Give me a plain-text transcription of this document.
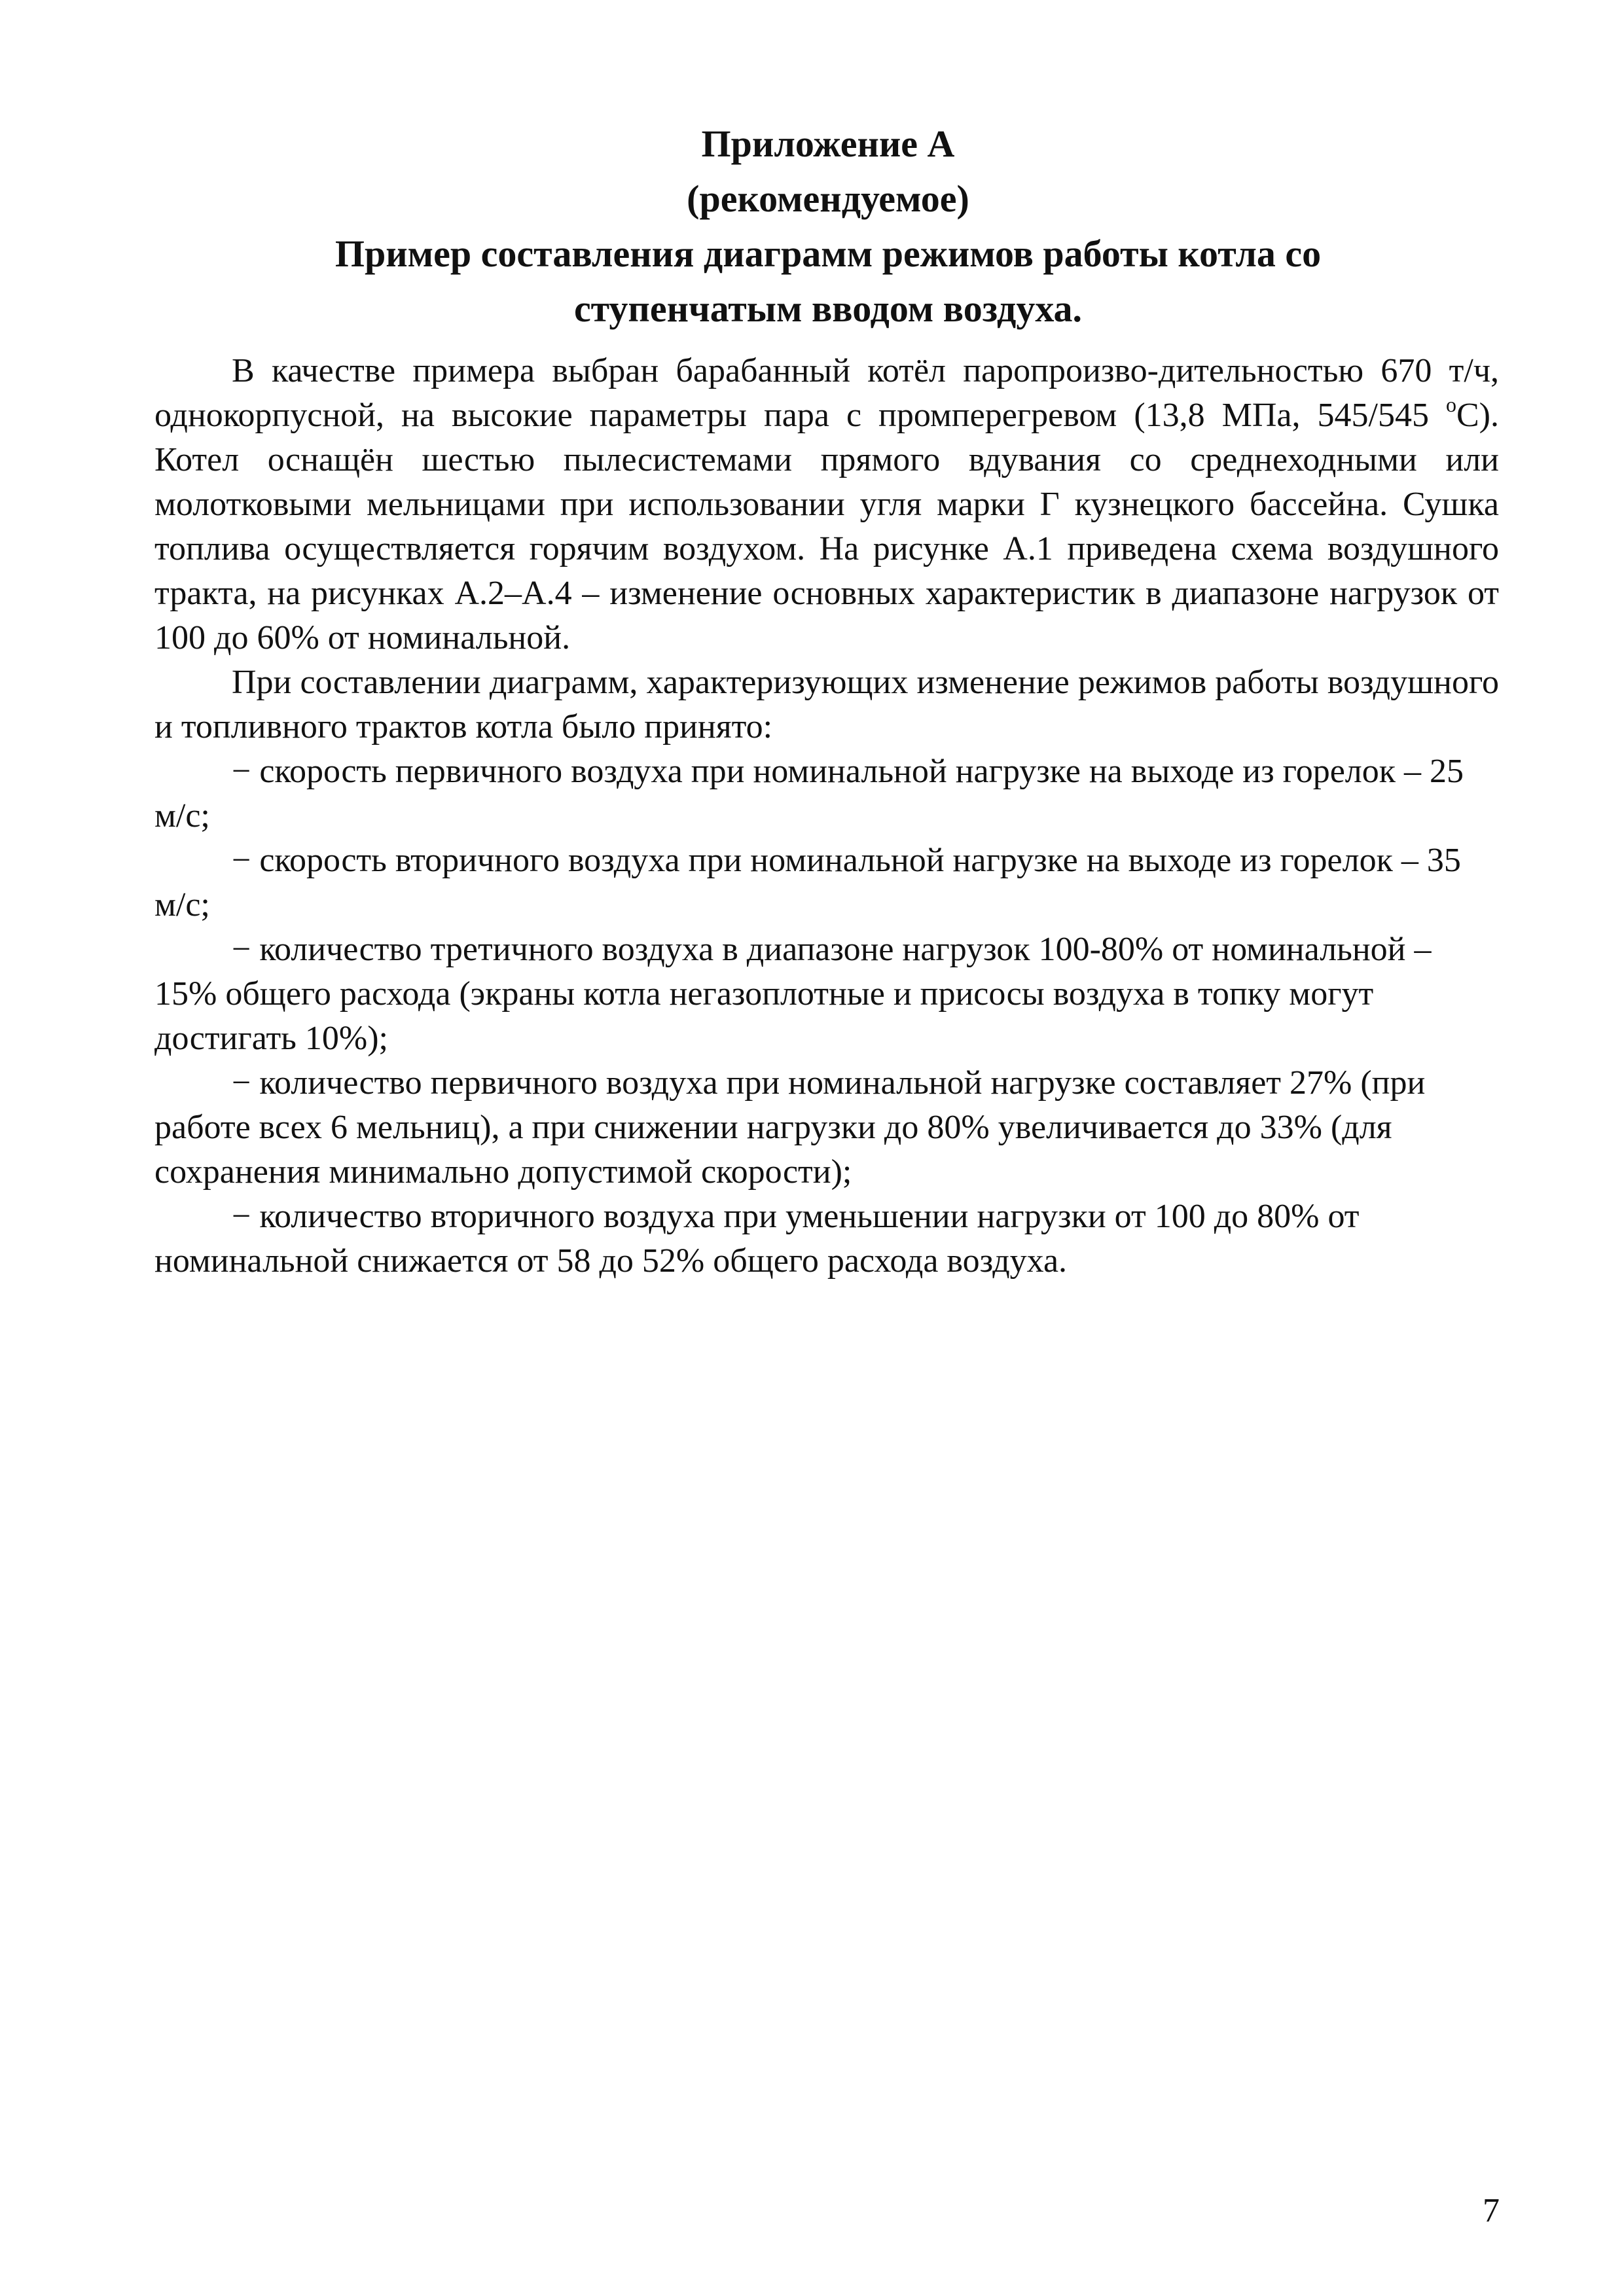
Приложение А
(рекомендуемое)
Пример составления диаграмм режимов работы котла со
ступенчатым вводом воздуха.

В качестве примера выбран барабанный котёл паропроизво-дительностью 670 т/ч, однокорпусной, на высокие параметры пара с промперегревом (13,8 МПа, 545/545 $^o$С). Котел оснащён шестью пылесистемами прямого вдувания со среднеходными или молотковыми мельницами при использовании угля марки Г кузнецкого бассейна. Сушка топлива осуществляется горячим воздухом. На рисунке А.1 приведена схема воздушного тракта, на рисунках А.2–А.4 – изменение основных характеристик в диапазоне нагрузок от 100 до 60% от номинальной.

При составлении диаграмм, характеризующих изменение режимов работы воздушного и топливного трактов котла было принято:

− скорость первичного воздуха при номинальной нагрузке на выходе из горелок – 25 м/с;

− скорость вторичного воздуха при номинальной нагрузке на выходе из горелок – 35 м/с;

− количество третичного воздуха в диапазоне нагрузок 100-80% от номинальной – 15% общего расхода (экраны котла негазоплотные и присосы воздуха в топку могут достигать 10%);

− количество первичного воздуха при номинальной нагрузке составляет 27% (при работе всех 6 мельниц), а при снижении нагрузки до 80% увеличивается до 33% (для сохранения минимально допустимой скорости);

− количество вторичного воздуха при уменьшении нагрузки от 100 до 80% от номинальной снижается от 58 до 52% общего расхода воздуха.

7
